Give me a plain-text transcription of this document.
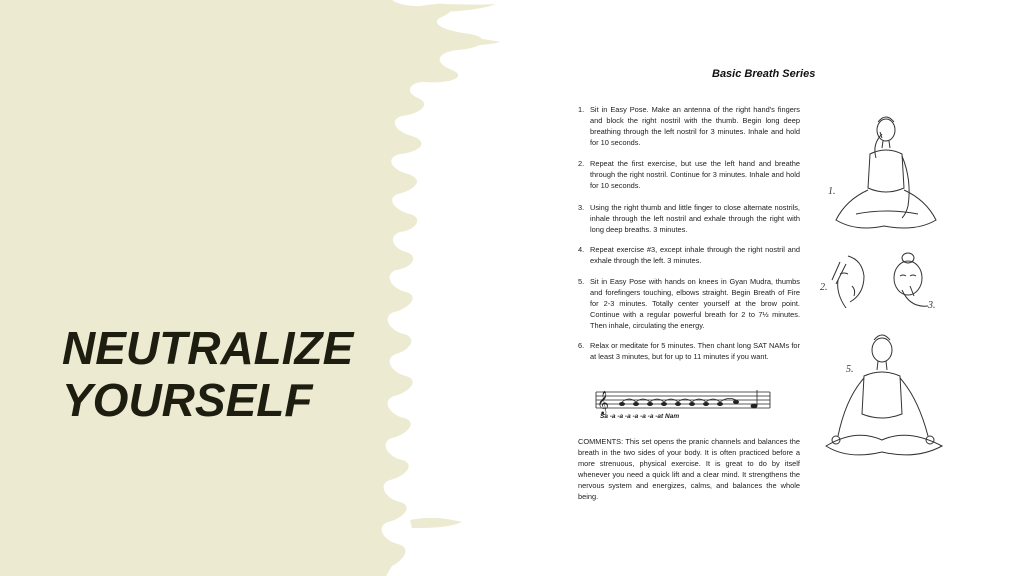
NEUTRALIZE
YOURSELF
Basic Breath Series
1. Sit in Easy Pose. Make an antenna of the right hand's fingers and block the right nostril with the thumb. Begin long deep breathing through the left nostril for 3 minutes. Inhale and hold for 10 seconds.
2. Repeat the first exercise, but use the left hand and breathe through the right nostril. Continue for 3 minutes. Inhale and hold for 10 seconds.
3. Using the right thumb and little finger to close alternate nostrils, inhale through the left nostril and exhale through the right with long deep breaths. 3 minutes.
4. Repeat exercise #3, except inhale through the right nostril and exhale through the left. 3 minutes.
5. Sit in Easy Pose with hands on knees in Gyan Mudra, thumbs and forefingers touching, elbows straight. Begin Breath of Fire for 2-3 minutes. Totally center yourself at the brow point. Continue with a regular powerful breath for 2 to 7½ minutes. Then inhale, circulating the energy.
6. Relax or meditate for 5 minutes. Then chant long SAT NAMs for at least 3 minutes, but for up to 11 minutes if you want.
𝄞
Sa -a -a -a -a -a -a -at Nam
COMMENTS: This set opens the pranic channels and balances the breath in the two sides of your body. It is often practiced before a more strenuous, physical exercise. It is great to do by itself whenever you need a quick lift and a clear mind. It strengthens the nervous system and energizes, calms, and balances the whole being.
1.
2.
3.
5.
